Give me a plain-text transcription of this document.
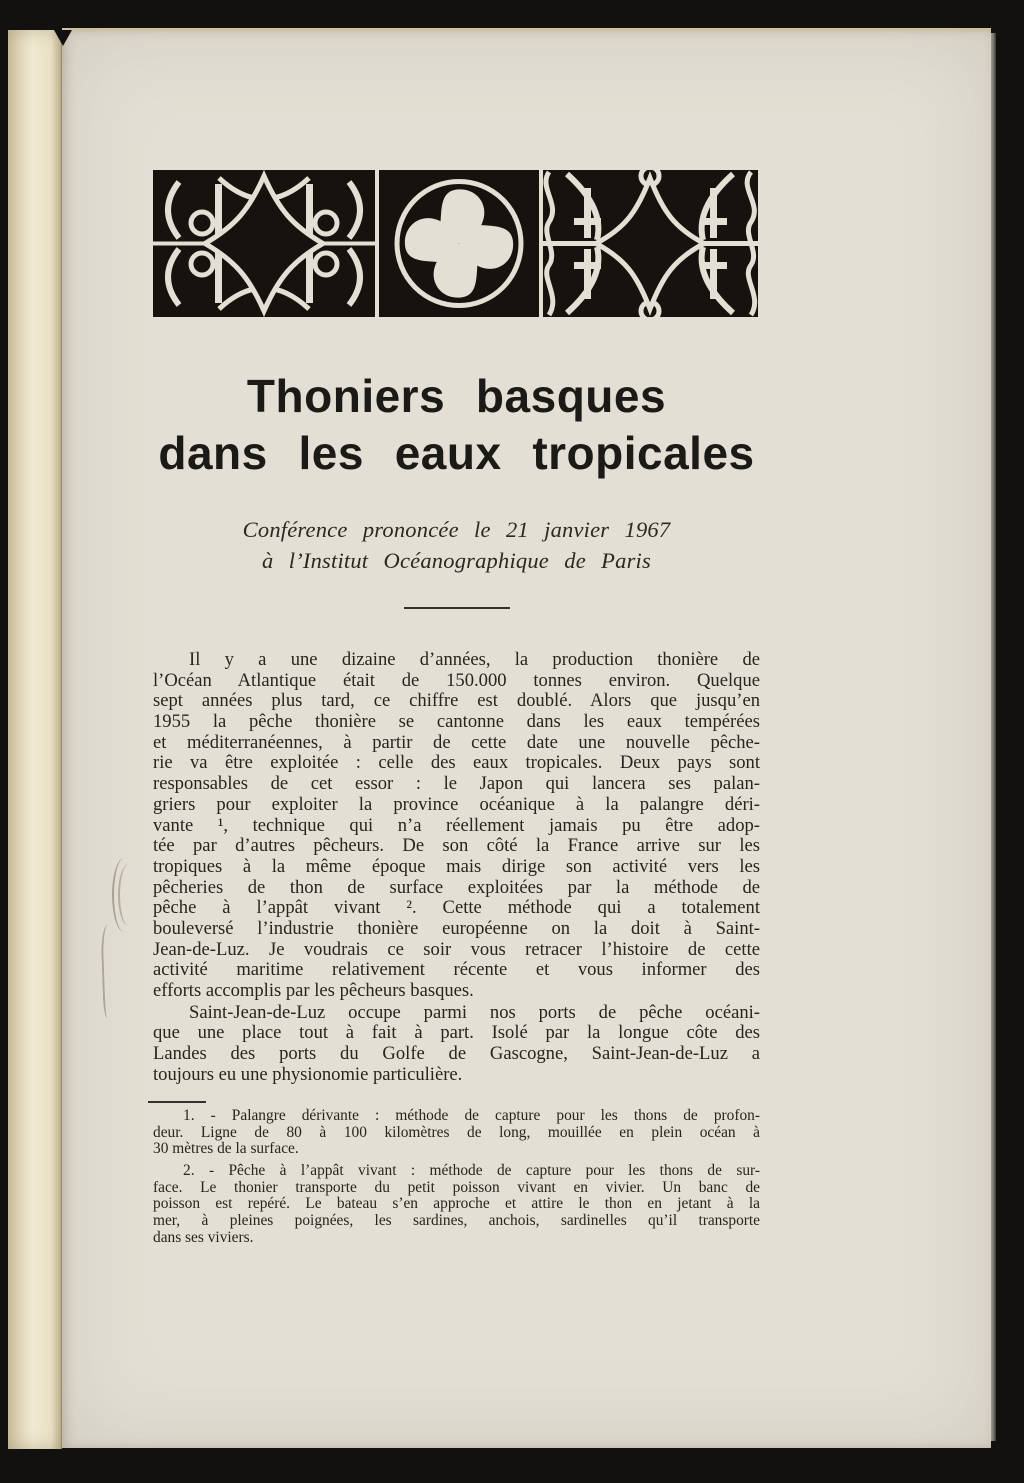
Thoniers basques
dans les eaux tropicales
Conférence prononcée le 21 janvier 1967
à l’Institut Océanographique de Paris
Il y a une dizaine d’années, la production thonière de
l’Océan Atlantique était de 150.000 tonnes environ. Quelque
sept années plus tard, ce chiffre est doublé. Alors que jusqu’en
1955 la pêche thonière se cantonne dans les eaux tempérées
et méditerranéennes, à partir de cette date une nouvelle pêche-
rie va être exploitée : celle des eaux tropicales. Deux pays sont
responsables de cet essor : le Japon qui lancera ses palan-
griers pour exploiter la province océanique à la palangre déri-
vante ¹, technique qui n’a réellement jamais pu être adop-
tée par d’autres pêcheurs. De son côté la France arrive sur les
tropiques à la même époque mais dirige son activité vers les
pêcheries de thon de surface exploitées par la méthode de
pêche à l’appât vivant ². Cette méthode qui a totalement
bouleversé l’industrie thonière européenne on la doit à Saint-
Jean-de-Luz. Je voudrais ce soir vous retracer l’histoire de cette
activité maritime relativement récente et vous informer des
efforts accomplis par les pêcheurs basques.
Saint-Jean-de-Luz occupe parmi nos ports de pêche océani-
que une place tout à fait à part. Isolé par la longue côte des
Landes des ports du Golfe de Gascogne, Saint-Jean-de-Luz a
toujours eu une physionomie particulière.
1. - Palangre dérivante : méthode de capture pour les thons de profon-
deur. Ligne de 80 à 100 kilomètres de long, mouillée en plein océan à
30 mètres de la surface.
2. - Pêche à l’appât vivant : méthode de capture pour les thons de sur-
face. Le thonier transporte du petit poisson vivant en vivier. Un banc de
poisson est repéré. Le bateau s’en approche et attire le thon en jetant à la
mer, à pleines poignées, les sardines, anchois, sardinelles qu’il transporte
dans ses viviers.
